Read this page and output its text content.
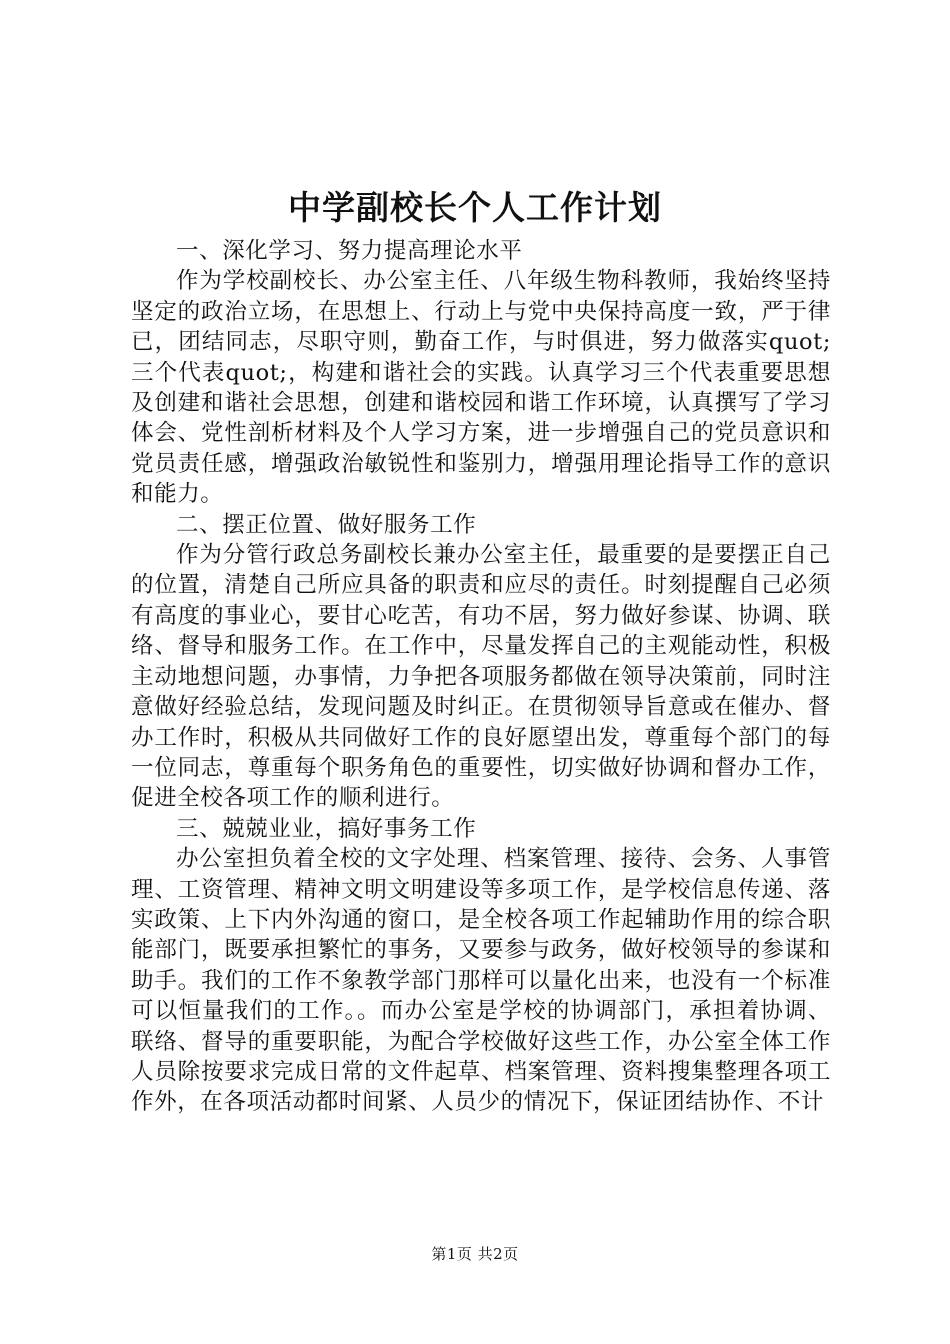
中学副校长个人工作计划

一、深化学习、努力提高理论水平

作为学校副校长、办公室主任、八年级生物科教师，我始终坚持坚定的政治立场，在思想上、行动上与党中央保持高度一致，严于律已，团结同志，尽职守则，勤奋工作，与时俱进，努力做落实quot;三个代表quot;，构建和谐社会的实践。认真学习三个代表重要思想及创建和谐社会思想，创建和谐校园和谐工作环境，认真撰写了学习体会、党性剖析材料及个人学习方案，进一步增强自己的党员意识和党员责任感，增强政治敏锐性和鉴别力，增强用理论指导工作的意识和能力。

二、摆正位置、做好服务工作

作为分管行政总务副校长兼办公室主任，最重要的是要摆正自己的位置，清楚自己所应具备的职责和应尽的责任。时刻提醒自己必须有高度的事业心，要甘心吃苦，有功不居，努力做好参谋、协调、联络、督导和服务工作。在工作中，尽量发挥自己的主观能动性，积极主动地想问题，办事情，力争把各项服务都做在领导决策前，同时注意做好经验总结，发现问题及时纠正。在贯彻领导旨意或在催办、督办工作时，积极从共同做好工作的良好愿望出发，尊重每个部门的每一位同志，尊重每个职务角色的重要性，切实做好协调和督办工作，促进全校各项工作的顺利进行。

三、兢兢业业，搞好事务工作

办公室担负着全校的文字处理、档案管理、接待、会务、人事管理、工资管理、精神文明文明建设等多项工作，是学校信息传递、落实政策、上下内外沟通的窗口，是全校各项工作起辅助作用的综合职能部门，既要承担繁忙的事务，又要参与政务，做好校领导的参谋和助手。我们的工作不象教学部门那样可以量化出来，也没有一个标准可以恒量我们的工作。。而办公室是学校的协调部门，承担着协调、联络、督导的重要职能，为配合学校做好这些工作，办公室全体工作人员除按要求完成日常的文件起草、档案管理、资料搜集整理各项工作外，在各项活动都时间紧、人员少的情况下，保证团结协作、不计

第1页 共2页
